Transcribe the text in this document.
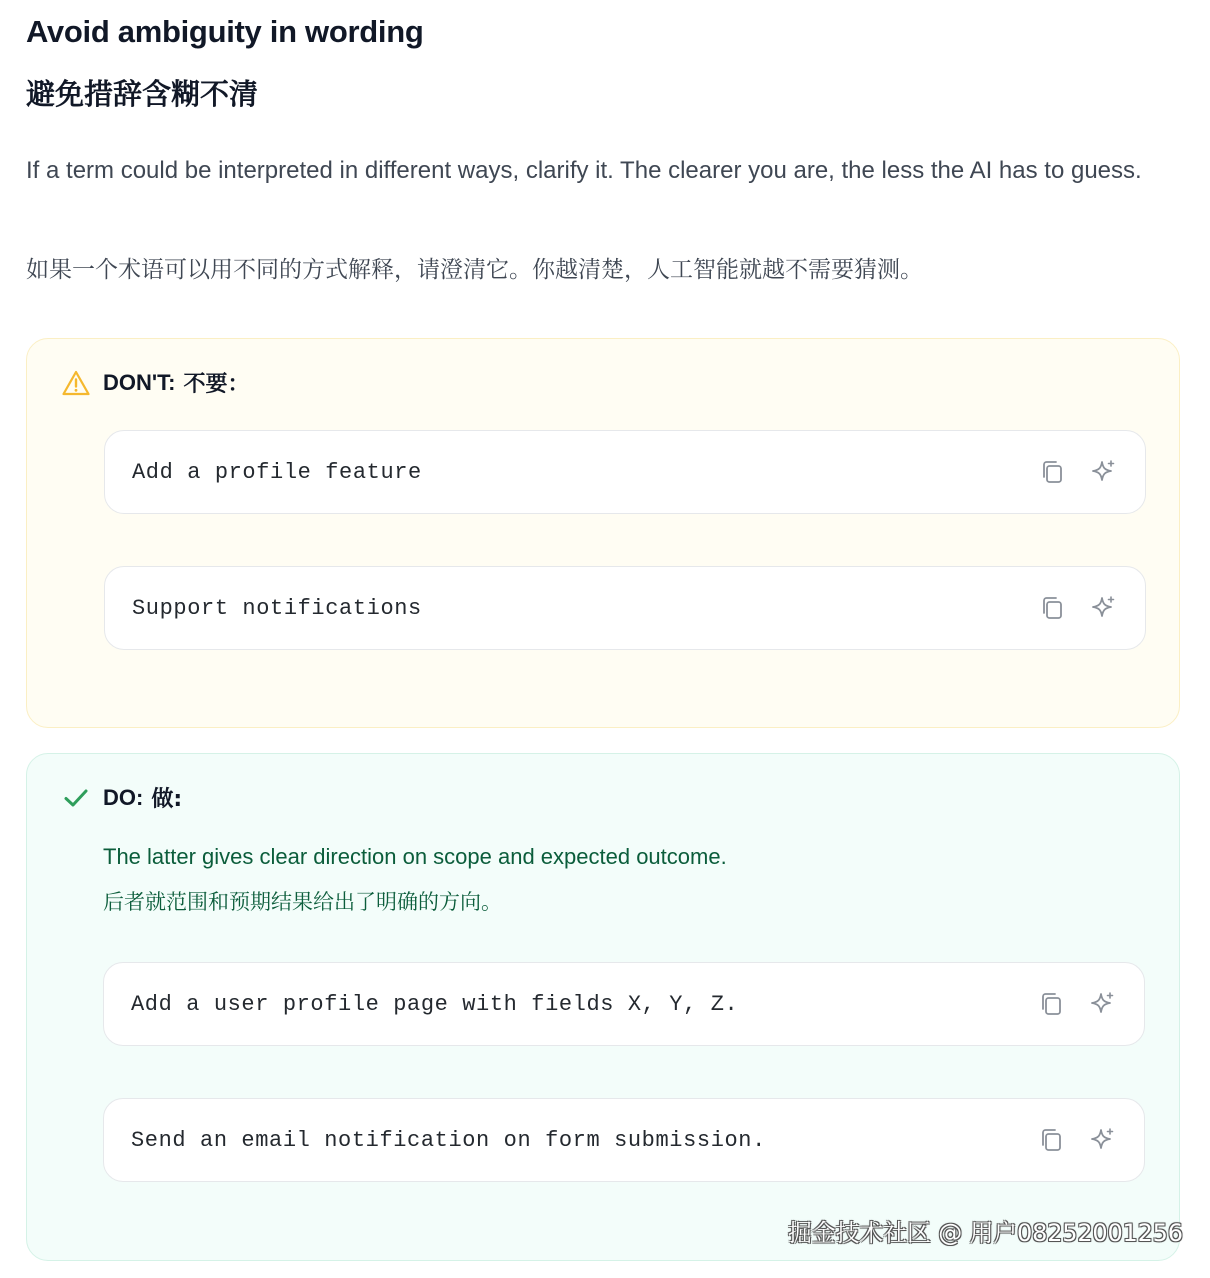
Avoid ambiguity in wording
避免措辞含糊不清

If a term could be interpreted in different ways, clarify it. The clearer you are, the less the AI has to guess.

如果一个术语可以用不同的方式解释，请澄清它。你越清楚，人工智能就越不需要猜测。

DON'T: 不要：
Add a profile feature
Support notifications
DO: 做:

The latter gives clear direction on scope and expected outcome.

后者就范围和预期结果给出了明确的方向。

Add a user profile page with fields X, Y, Z.
Send an email notification on form submission.
掘金技术社区 @ 用户08252001256
